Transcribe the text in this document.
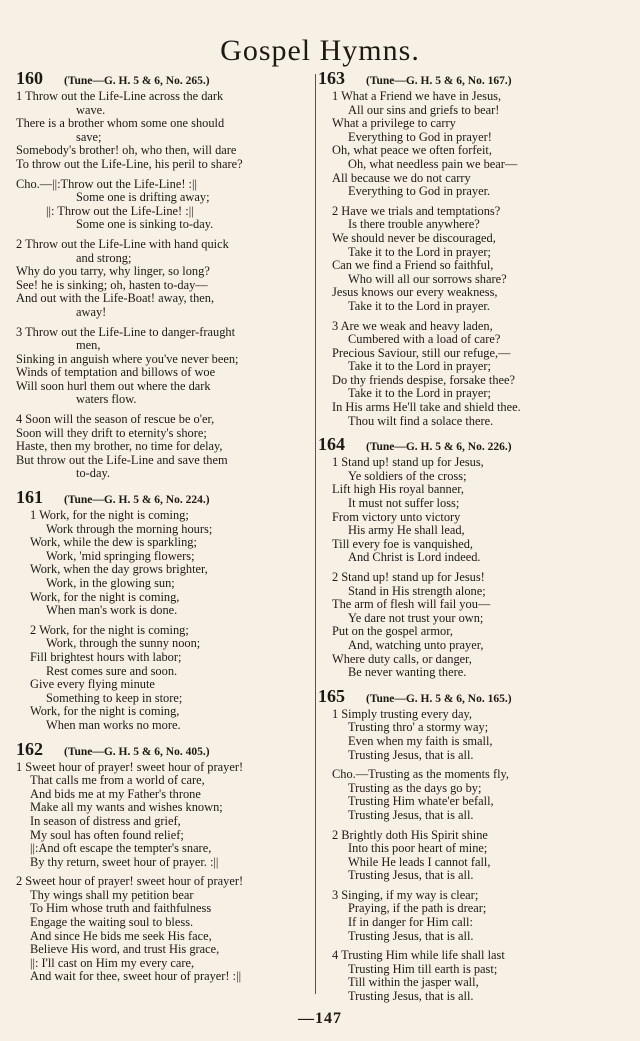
Gospel Hymns.
160	(Tune—G. H. 5 & 6, No. 265.)
1 Throw out the Life-Line across the dark
wave.
There is a brother whom some one should
save;
Somebody's brother! oh, who then, will dare
To throw out the Life-Line, his peril to share?
Cho.—||:Throw out the Life-Line! :||
Some one is drifting away;
||: Throw out the Life-Line! :||
Some one is sinking to-day.
2 Throw out the Life-Line with hand quick
and strong;
Why do you tarry, why linger, so long?
See! he is sinking; oh, hasten to-day—
And out with the Life-Boat! away, then,
away!
3 Throw out the Life-Line to danger-fraught
men,
Sinking in anguish where you've never been;
Winds of temptation and billows of woe
Will soon hurl them out where the dark
waters flow.
4 Soon will the season of rescue be o'er,
Soon will they drift to eternity's shore;
Haste, then my brother, no time for delay,
But throw out the Life-Line and save them
to-day.
161	(Tune—G. H. 5 & 6, No. 224.)
1 Work, for the night is coming;
Work through the morning hours;
Work, while the dew is sparkling;
Work, 'mid springing flowers;
Work, when the day grows brighter,
Work, in the glowing sun;
Work, for the night is coming,
When man's work is done.
2 Work, for the night is coming;
Work, through the sunny noon;
Fill brightest hours with labor;
Rest comes sure and soon.
Give every flying minute
Something to keep in store;
Work, for the night is coming,
When man works no more.
162	(Tune—G. H. 5 & 6, No. 405.)
1 Sweet hour of prayer! sweet hour of prayer!
That calls me from a world of care,
And bids me at my Father's throne
Make all my wants and wishes known;
In season of distress and grief,
My soul has often found relief;
||:And oft escape the tempter's snare,
By thy return, sweet hour of prayer. :||
2 Sweet hour of prayer! sweet hour of prayer!
Thy wings shall my petition bear
To Him whose truth and faithfulness
Engage the waiting soul to bless.
And since He bids me seek His face,
Believe His word, and trust His grace,
||: I'll cast on Him my every care,
And wait for thee, sweet hour of prayer! :||
163	(Tune—G. H. 5 & 6, No. 167.)
1 What a Friend we have in Jesus,
All our sins and griefs to bear!
What a privilege to carry
Everything to God in prayer!
Oh, what peace we often forfeit,
Oh, what needless pain we bear—
All because we do not carry
Everything to God in prayer.
2 Have we trials and temptations?
Is there trouble anywhere?
We should never be discouraged,
Take it to the Lord in prayer;
Can we find a Friend so faithful,
Who will all our sorrows share?
Jesus knows our every weakness,
Take it to the Lord in prayer.
3 Are we weak and heavy laden,
Cumbered with a load of care?
Precious Saviour, still our refuge,—
Take it to the Lord in prayer;
Do thy friends despise, forsake thee?
Take it to the Lord in prayer;
In His arms He'll take and shield thee.
Thou wilt find a solace there.
164	(Tune—G. H. 5 & 6, No. 226.)
1 Stand up! stand up for Jesus,
Ye soldiers of the cross;
Lift high His royal banner,
It must not suffer loss;
From victory unto victory
His army He shall lead,
Till every foe is vanquished,
And Christ is Lord indeed.
2 Stand up! stand up for Jesus!
Stand in His strength alone;
The arm of flesh will fail you—
Ye dare not trust your own;
Put on the gospel armor,
And, watching unto prayer,
Where duty calls, or danger,
Be never wanting there.
165	(Tune—G. H. 5 & 6, No. 165.)
1 Simply trusting every day,
Trusting thro' a stormy way;
Even when my faith is small,
Trusting Jesus, that is all.
Cho.—Trusting as the moments fly,
Trusting as the days go by;
Trusting Him whate'er befall,
Trusting Jesus, that is all.
2 Brightly doth His Spirit shine
Into this poor heart of mine;
While He leads I cannot fall,
Trusting Jesus, that is all.
3 Singing, if my way is clear;
Praying, if the path is drear;
If in danger for Him call:
Trusting Jesus, that is all.
4 Trusting Him while life shall last
Trusting Him till earth is past;
Till within the jasper wall,
Trusting Jesus, that is all.
—147
